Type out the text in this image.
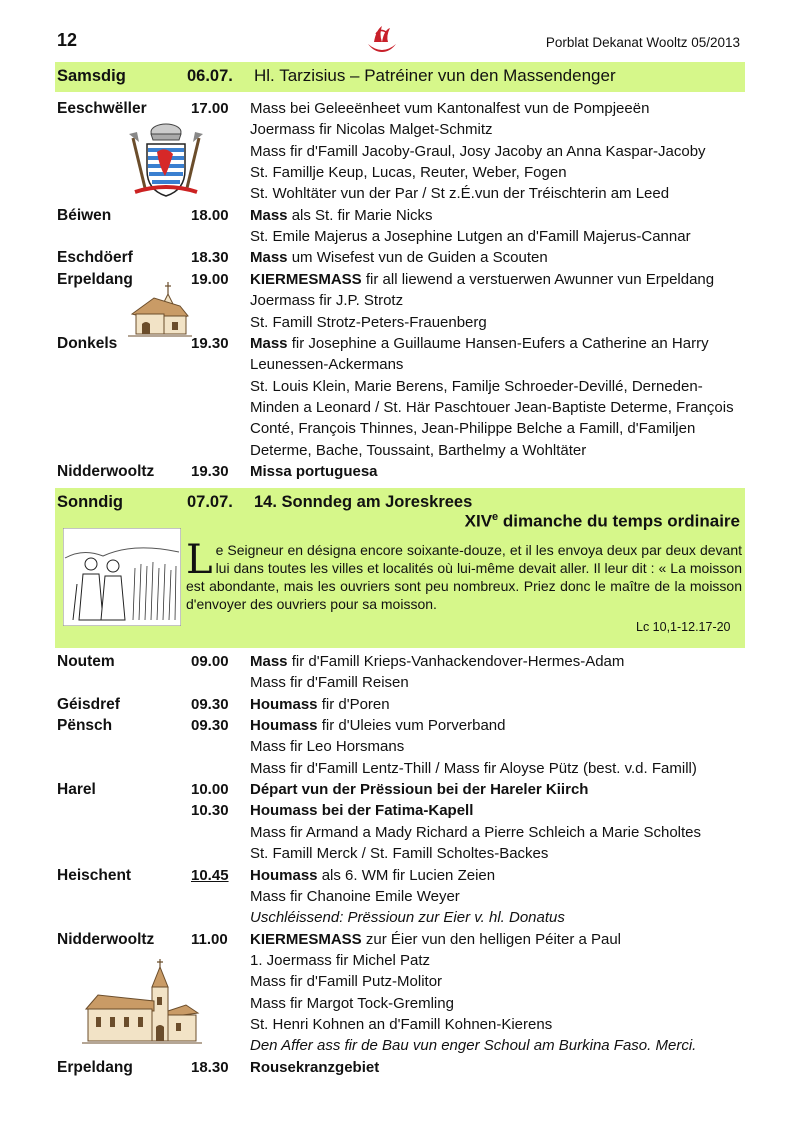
12	Porblat Dekanat Wooltz 05/2013
Samsdig	06.07. Hl. Tarzisius – Patréiner vun den Massendenger
Eeschwëller	17.00 Mass bei Geleeënheet vum Kantonalfest vun de Pompjeeën
Joermass fir Nicolas Malget-Schmitz
Mass fir d'Famill Jacoby-Graul, Josy Jacoby an Anna Kaspar-Jacoby
St. Familljе Keup, Lucas, Reuter, Weber, Fogen
St. Wohltäter vun der Par / St z.É.vun der Tréischterin am Leed
Béiwen	18.00 Mass als St. fir Marie Nicks
St. Emile Majerus a Josephine Lutgen an d'Famill Majerus-Cannar
Eschdöerf	18.30 Mass um Wisefest vun de Guiden a Scouten
Erpeldang	19.00 KIERMESMASS fir all liewend a verstuerwen Awunner vun Erpeldang
Joermass fir J.P. Strotz
St. Famill Strotz-Peters-Frauenberg
Donkels	19.30 Mass fir Josephine a Guillaume Hansen-Eufers a Catherine an Harry
Leunessen-Ackermans
St. Louis Klein, Marie Berens, Familje Schroeder-Devillé, Derneden-
Minden a Leonard / St. Här Paschtouer Jean-Baptiste Determe, François
Conté, François Thinnes, Jean-Philippe Belche a Famill, d'Familjen
Determe, Bache, Toussaint, Barthelmy a Wohltäter
Nidderwooltz 19.30 Missa portuguesa
Sonndig	07.07. 14. Sonndeg am Joreskrees
XIVe dimanche du temps ordinaire
Le Seigneur en désigna encore soixante-douze, et il les envoya deux par deux devant lui dans toutes les villes et localités où lui-même devait aller. Il leur dit : « La moisson est abondante, mais les ouvriers sont peu nombreux. Priez donc le maître de la moisson d'envoyer des ouvriers pour sa moisson.
Lc 10,1-12.17-20
Noutem	09.00 Mass fir d'Famill Krieps-Vanhackendover-Hermes-Adam
Mass fir d'Famill Reisen
Géisdref	09.30 Houmass fir d'Poren
Pënsch	09.30 Houmass fir d'Uleies vum Porverband
Mass fir Leo Horsmans
Mass fir d'Famill Lentz-Thill / Mass fir Aloyse Pütz (best. v.d. Famill)
Harel	10.00 Départ vun der Prëssioun bei der Hareler Kiirch
10.30 Houmass bei der Fatima-Kapell
Mass fir Armand a Mady Richard a Pierre Schleich a Marie Scholtes
St. Famill Merck / St. Famill Scholtes-Backes
Heischent	10.45 Houmass als 6. WM fir Lucien Zeien
Mass fir Chanoine Emile Weyer
Uschléissend: Prëssioun zur Eier v. hl. Donatus
Nidderwooltz 11.00 KIERMESMASS zur Éier vun den helligen Péiter a Paul
1. Joermass fir Michel Patz
Mass fir d'Famill Putz-Molitor
Mass fir Margot Tock-Gremling
St. Henri Kohnen an d'Famill Kohnen-Kierens
Den Affer ass fir de Bau vun enger Schoul am Burkina Faso. Merci.
Erpeldang	18.30 Rousekranzgebiet
